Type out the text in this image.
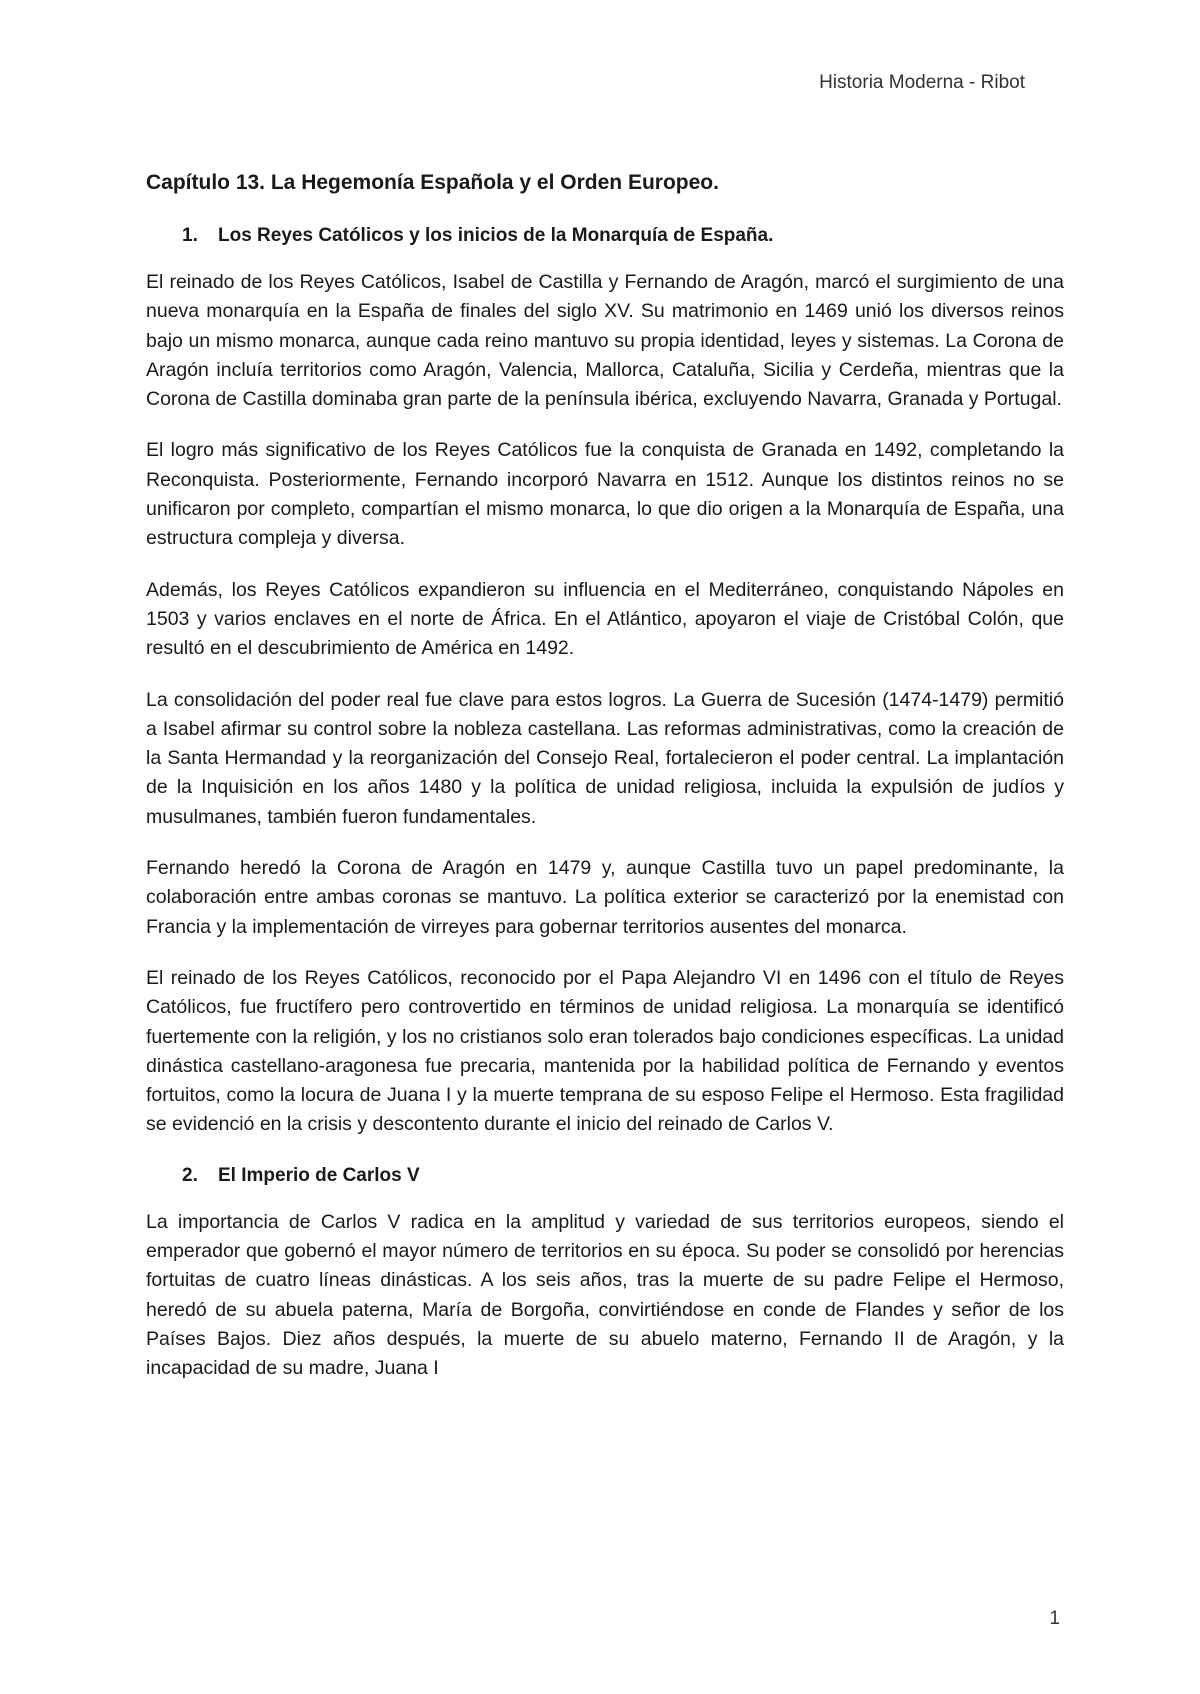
Historia Moderna - Ribot
Capítulo 13. La Hegemonía Española y el Orden Europeo.
1.	Los Reyes Católicos y los inicios de la Monarquía de España.

El reinado de los Reyes Católicos, Isabel de Castilla y Fernando de Aragón, marcó el surgimiento de una nueva monarquía en la España de finales del siglo XV. Su matrimonio en 1469 unió los diversos reinos bajo un mismo monarca, aunque cada reino mantuvo su propia identidad, leyes y sistemas. La Corona de Aragón incluía territorios como Aragón, Valencia, Mallorca, Cataluña, Sicilia y Cerdeña, mientras que la Corona de Castilla dominaba gran parte de la península ibérica, excluyendo Navarra, Granada y Portugal.

El logro más significativo de los Reyes Católicos fue la conquista de Granada en 1492, completando la Reconquista. Posteriormente, Fernando incorporó Navarra en 1512. Aunque los distintos reinos no se unificaron por completo, compartían el mismo monarca, lo que dio origen a la Monarquía de España, una estructura compleja y diversa.

Además, los Reyes Católicos expandieron su influencia en el Mediterráneo, conquistando Nápoles en 1503 y varios enclaves en el norte de África. En el Atlántico, apoyaron el viaje de Cristóbal Colón, que resultó en el descubrimiento de América en 1492.

La consolidación del poder real fue clave para estos logros. La Guerra de Sucesión (1474-1479) permitió a Isabel afirmar su control sobre la nobleza castellana. Las reformas administrativas, como la creación de la Santa Hermandad y la reorganización del Consejo Real, fortalecieron el poder central. La implantación de la Inquisición en los años 1480 y la política de unidad religiosa, incluida la expulsión de judíos y musulmanes, también fueron fundamentales.

Fernando heredó la Corona de Aragón en 1479 y, aunque Castilla tuvo un papel predominante, la colaboración entre ambas coronas se mantuvo. La política exterior se caracterizó por la enemistad con Francia y la implementación de virreyes para gobernar territorios ausentes del monarca.

El reinado de los Reyes Católicos, reconocido por el Papa Alejandro VI en 1496 con el título de Reyes Católicos, fue fructífero pero controvertido en términos de unidad religiosa. La monarquía se identificó fuertemente con la religión, y los no cristianos solo eran tolerados bajo condiciones específicas. La unidad dinástica castellano-aragonesa fue precaria, mantenida por la habilidad política de Fernando y eventos fortuitos, como la locura de Juana I y la muerte temprana de su esposo Felipe el Hermoso. Esta fragilidad se evidenció en la crisis y descontento durante el inicio del reinado de Carlos V.

2.	El Imperio de Carlos V

La importancia de Carlos V radica en la amplitud y variedad de sus territorios europeos, siendo el emperador que gobernó el mayor número de territorios en su época. Su poder se consolidó por herencias fortuitas de cuatro líneas dinásticas. A los seis años, tras la muerte de su padre Felipe el Hermoso, heredó de su abuela paterna, María de Borgoña, convirtiéndose en conde de Flandes y señor de los Países Bajos. Diez años después, la muerte de su abuelo materno, Fernando II de Aragón, y la incapacidad de su madre, Juana I

1
